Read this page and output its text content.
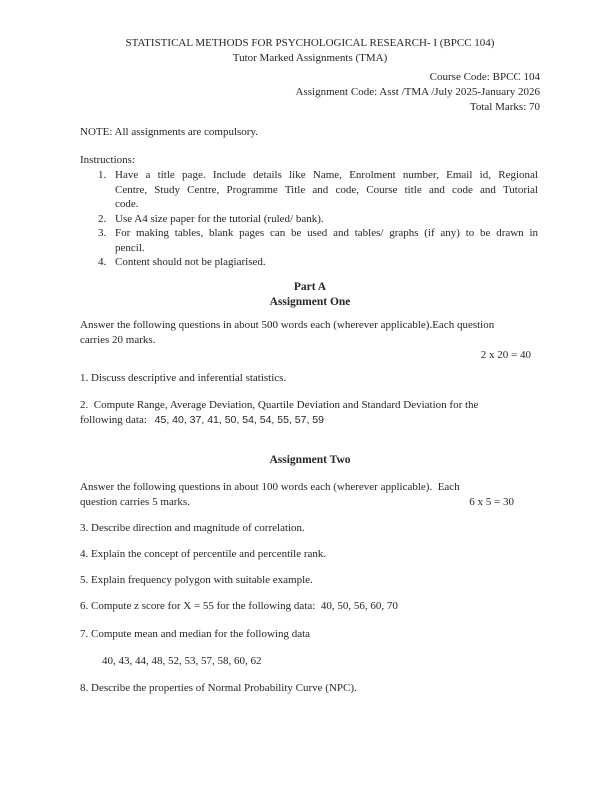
STATISTICAL METHODS FOR PSYCHOLOGICAL RESEARCH- I (BPCC 104)
Tutor Marked Assignments (TMA)
Course Code: BPCC 104
Assignment Code: Asst /TMA /July 2025-January 2026
Total Marks: 70
NOTE: All assignments are compulsory.
Instructions:
1. Have a title page. Include details like Name, Enrolment number, Email id, Regional
Centre, Study Centre, Programme Title and code, Course title and code and Tutorial
code.
2. Use A4 size paper for the tutorial (ruled/ bank).
3. For making tables, blank pages can be used and tables/ graphs (if any) to be drawn in
pencil.
4. Content should not be plagiarised.
Part A
Assignment One
Answer the following questions in about 500 words each (wherever applicable).Each question
carries 20 marks.
2 x 20 = 40
1. Discuss descriptive and inferential statistics.
2.  Compute Range, Average Deviation, Quartile Deviation and Standard Deviation for the
following data: 45, 40, 37, 41, 50, 54, 54, 55, 57, 59
Assignment Two
Answer the following questions in about 100 words each (wherever applicable).  Each
question carries 5 marks.	6 x 5 = 30
3. Describe direction and magnitude of correlation.
4. Explain the concept of percentile and percentile rank.
5. Explain frequency polygon with suitable example.
6. Compute z score for X = 55 for the following data:  40, 50, 56, 60, 70
7. Compute mean and median for the following data
40, 43, 44, 48, 52, 53, 57, 58, 60, 62
8. Describe the properties of Normal Probability Curve (NPC).
